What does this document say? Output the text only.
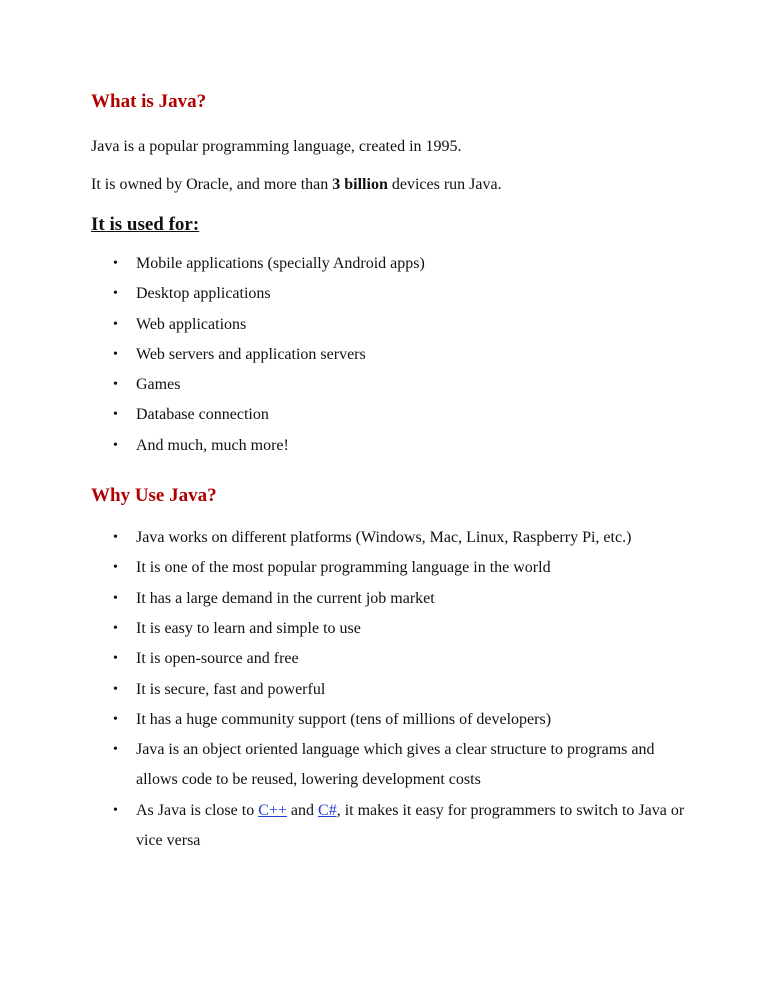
What is Java?

Java is a popular programming language, created in 1995.

It is owned by Oracle, and more than 3 billion devices run Java.

It is used for:
• Mobile applications (specially Android apps)
• Desktop applications
• Web applications
• Web servers and application servers
• Games
• Database connection
• And much, much more!
Why Use Java?
• Java works on different platforms (Windows, Mac, Linux, Raspberry Pi, etc.)
• It is one of the most popular programming language in the world
• It has a large demand in the current job market
• It is easy to learn and simple to use
• It is open-source and free
• It is secure, fast and powerful
• It has a huge community support (tens of millions of developers)
• Java is an object oriented language which gives a clear structure to programs and allows code to be reused, lowering development costs
• As Java is close to C++ and C#, it makes it easy for programmers to switch to Java or vice versa
